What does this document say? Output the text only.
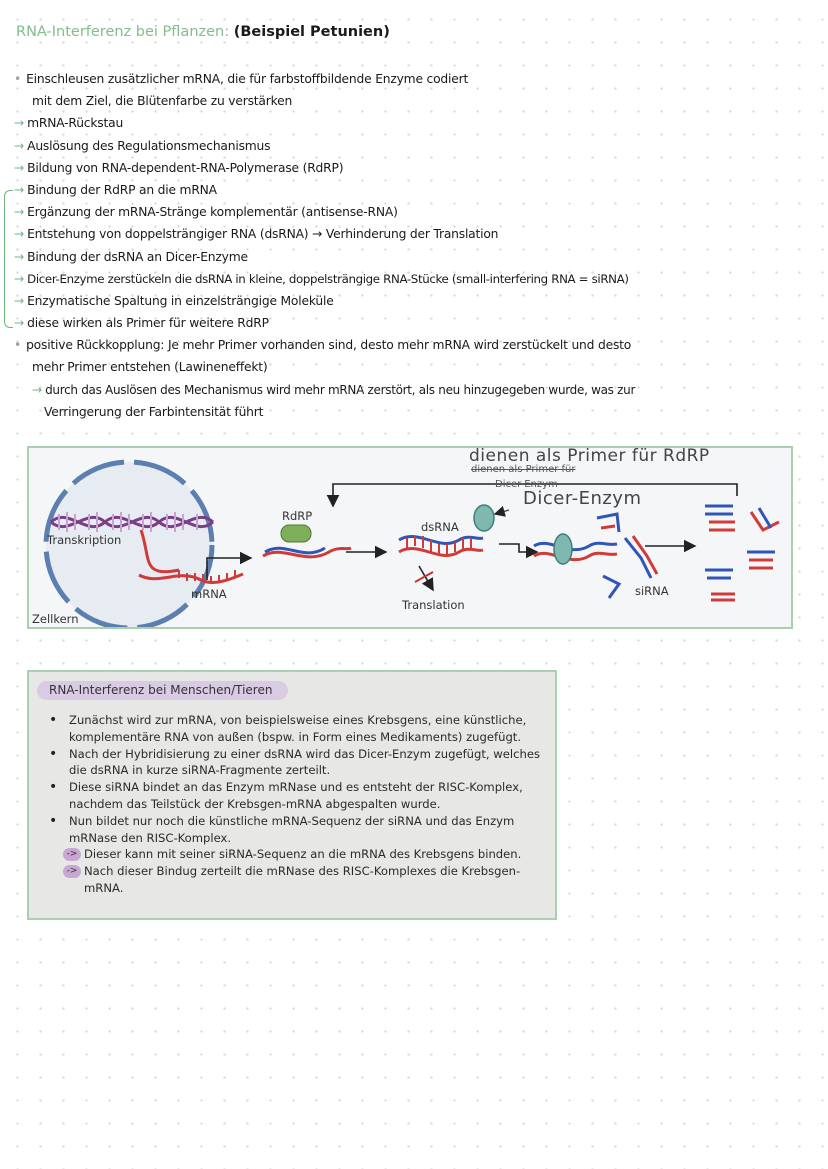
RNA-Interferenz bei Pflanzen: (Beispiel Petunien)
• Einschleusen zusätzlicher mRNA, die für farbstoffbildende Enzyme codiert
mit dem Ziel, die Blütenfarbe zu verstärken
→ mRNA-Rückstau
→ Auslösung des Regulationsmechanismus
→ Bildung von RNA-dependent-RNA-Polymerase (RdRP)
→ Bindung der RdRP an die mRNA
→ Ergänzung der mRNA-Stränge komplementär (antisense-RNA)
→ Entstehung von doppelsträngiger RNA (dsRNA) → Verhinderung der Translation
→ Bindung der dsRNA an Dicer-Enzyme
→ Dicer-Enzyme zerstückeln die dsRNA in kleine, doppelsträngige RNA-Stücke (small-interfering RNA = siRNA)
→ Enzymatische Spaltung in einzelsträngige Moleküle
→ diese wirken als Primer für weitere RdRP
• positive Rückkopplung: Je mehr Primer vorhanden sind, desto mehr mRNA wird zerstückelt und desto
mehr Primer entstehen (Lawineneffekt)
→ durch das Auslösen des Mechanismus wird mehr mRNA zerstört, als neu hinzugegeben wurde, was zur
Verringerung der Farbintensität führt
Transkription
mRNA
Zellkern
RdRP
dsRNA
Translation
siRNA
dienen als Primer für RdRP
dienen als Primer für
Dicer-Enzym
Dicer-Enzym
RNA-Interferenz bei Menschen/Tieren
• Zunächst wird zur mRNA, von beispielsweise eines Krebsgens, eine künstliche, komplementäre RNA von außen (bspw. in Form eines Medikaments) zugefügt.
• Nach der Hybridisierung zu einer dsRNA wird das Dicer-Enzym zugefügt, welches die dsRNA in kurze siRNA-Fragmente zerteilt.
• Diese siRNA bindet an das Enzym mRNase und es entsteht der RISC-Komplex, nachdem das Teilstück der Krebsgen-mRNA abgespalten wurde.
• Nun bildet nur noch die künstliche mRNA-Sequenz der siRNA und das Enzym mRNase den RISC-Komplex.
-> Dieser kann mit seiner siRNA-Sequenz an die mRNA des Krebsgens binden.
-> Nach dieser Bindug zerteilt die mRNase des RISC-Komplexes die Krebsgen-mRNA.
